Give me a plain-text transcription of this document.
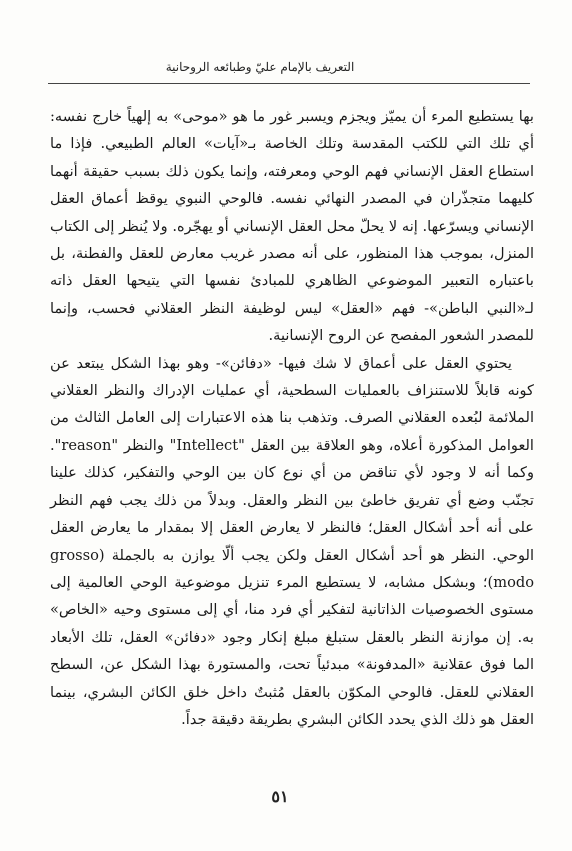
التعريف بالإمام عليّ وطبائعه الروحانية

بها يستطيع المرء أن يميّز ويجزم ويسبر غور ما هو «موحى» به إلهياً خارج نفسه: أي تلك التي للكتب المقدسة وتلك الخاصة بـ«آيات» العالم الطبيعي. فإذا ما استطاع العقل الإنساني فهم الوحي ومعرفته، وإنما يكون ذلك بسبب حقيقة أنهما كليهما متجذّران في المصدر النهائي نفسه. فالوحي النبوي يوقظ أعماق العقل الإنساني ويسرّعها. إنه لا يحلّ محل العقل الإنساني أو يهجّره. ولا يُنظر إلى الكتاب المنزل، بموجب هذا المنظور، على أنه مصدر غريب معارض للعقل والفطنة، بل باعتباره التعبير الموضوعي الظاهري للمبادئ نفسها التي يتيحها العقل ذاته لـ«النبي الباطن»- فهم «العقل» ليس لوظيفة النظر العقلاني فحسب، وإنما للمصدر الشعور المفصح عن الروح الإنسانية.

يحتوي العقل على أعماق لا شك فيها- «دفائن»- وهو بهذا الشكل يبتعد عن كونه قابلاً للاستنزاف بالعمليات السطحية، أي عمليات الإدراك والنظر العقلاني الملائمة لبُعده العقلاني الصرف. وتذهب بنا هذه الاعتبارات إلى العامل الثالث من العوامل المذكورة أعلاه، وهو العلاقة بين العقل "Intellect" والنظر "reason". وكما أنه لا وجود لأي تناقض من أي نوع كان بين الوحي والتفكير، كذلك علينا تجنّب وضع أي تفريق خاطئ بين النظر والعقل. وبدلاً من ذلك يجب فهم النظر على أنه أحد أشكال العقل؛ فالنظر لا يعارض العقل إلا بمقدار ما يعارض العقل الوحي. النظر هو أحد أشكال العقل ولكن يجب ألّا يوازن به بالجملة (grosso modo)؛ وبشكل مشابه، لا يستطيع المرء تنزيل موضوعية الوحي العالمية إلى مستوى الخصوصيات الذاتانية لتفكير أي فرد منا، أي إلى مستوى وحيه «الخاص» به. إن موازنة النظر بالعقل ستبلغ مبلغ إنكار وجود «دفائن» العقل، تلك الأبعاد الما فوق عقلانية «المدفونة» مبدئياً تحت، والمستورة بهذا الشكل عن، السطح العقلاني للعقل. فالوحي المكوّن بالعقل مُثبتٌ داخل خلق الكائن البشري، بينما العقل هو ذلك الذي يحدد الكائن البشري بطريقة دقيقة جداً.

٥١
